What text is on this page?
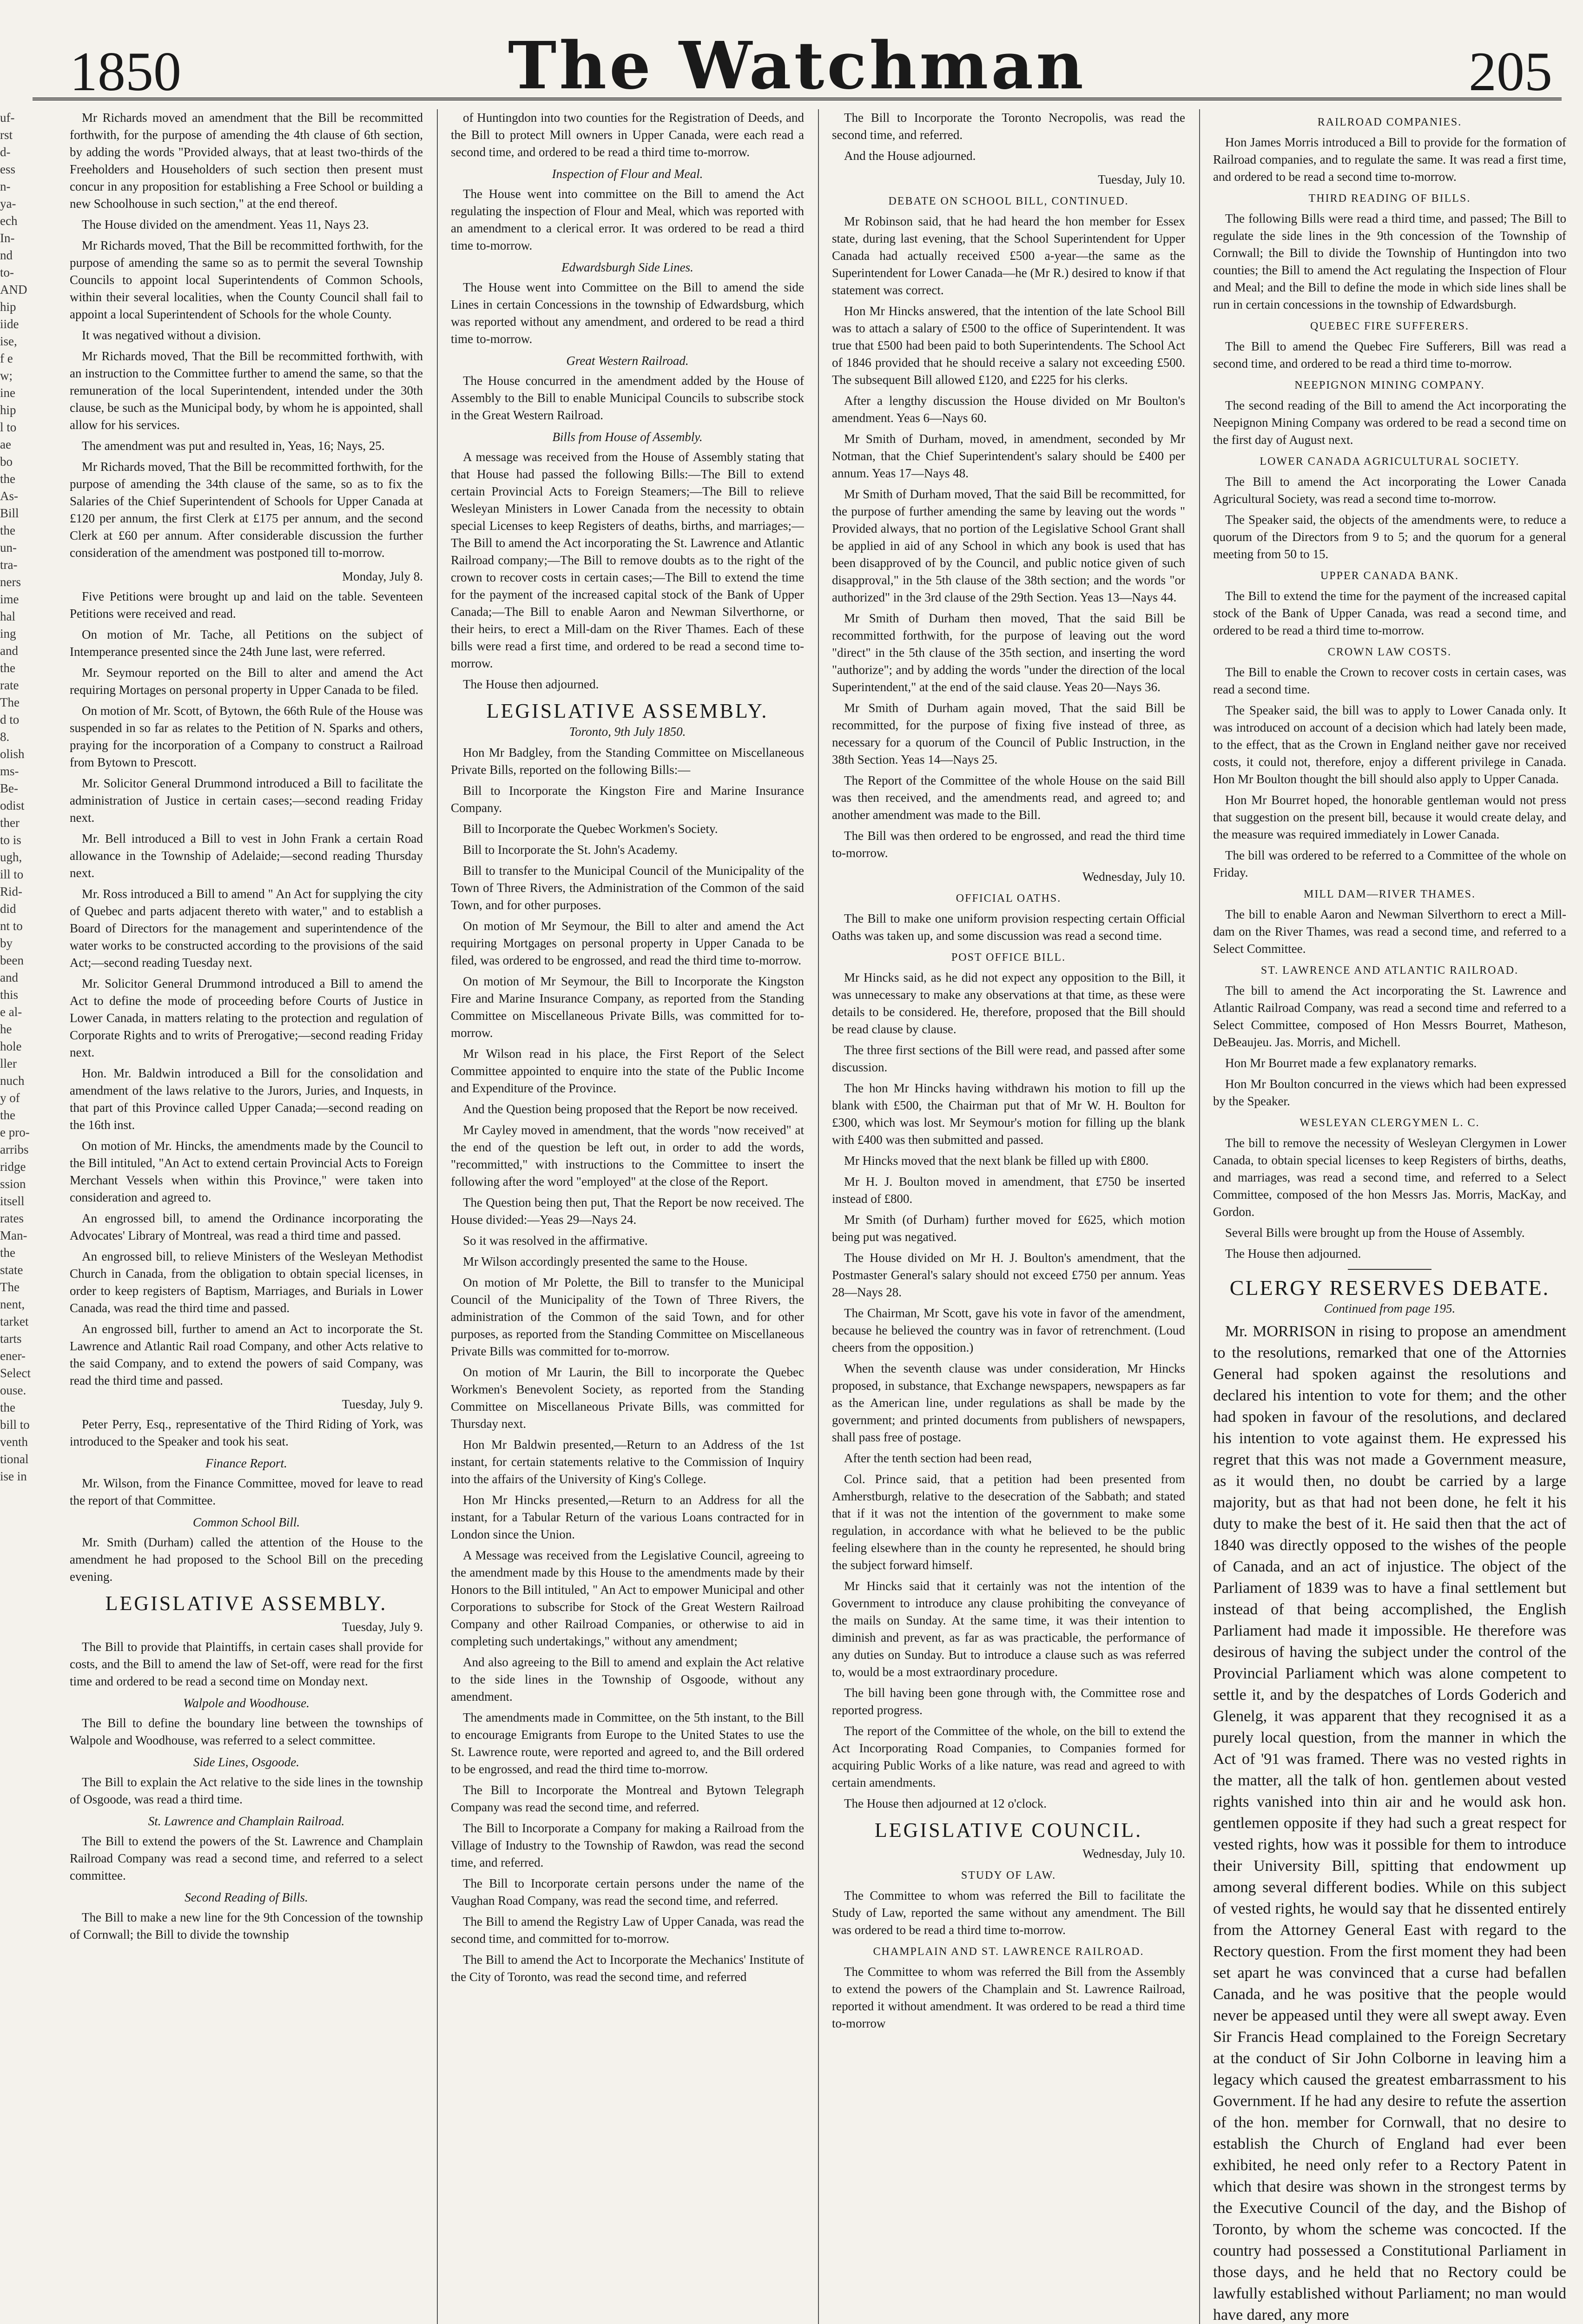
1850	The Watchman	205
uf-
rst
d-
ess
n-
ya-
ech
In-
nd
to-
AND
hip
iide
ise,
f e
w;
ine
hip
l to
ae
bo
the
As-
Bill
the
un-
tra-
ners
ime
hal
ing
and
the
rate
The
d to
8.
olish
ms-
Be-
odist
ther
to is
ugh,
ill to
Rid-
did
nt to
by
been
and
this
e al-
he
hole
ller
nuch
y of
the
e pro-
arribs
ridge
ssion
itsell
rates
Man-
the
state
The
nent,
tarket
tarts
ener-
Select
ouse.
the
bill to
venth
tional
ise in

Mr Richards moved an amendment that the Bill be recommitted forthwith, for the purpose of amending the 4th clause of 6th section, by adding the words "Provided always, that at least two-thirds of the Freeholders and Householders of such section then present must concur in any proposition for establishing a Free School or building a new Schoolhouse in such section," at the end thereof.

The House divided on the amendment. Yeas 11, Nays 23.

Mr Richards moved, That the Bill be recommitted forthwith, for the purpose of amending the same so as to permit the several Township Councils to appoint local Superintendents of Common Schools, within their several localities, when the County Council shall fail to appoint a local Superintendent of Schools for the whole County.

It was negatived without a division.

Mr Richards moved, That the Bill be recommitted forthwith, with an instruction to the Committee further to amend the same, so that the remuneration of the local Superintendent, intended under the 30th clause, be such as the Municipal body, by whom he is appointed, shall allow for his services.

The amendment was put and resulted in, Yeas, 16; Nays, 25.

Mr Richards moved, That the Bill be recommitted forthwith, for the purpose of amending the 34th clause of the same, so as to fix the Salaries of the Chief Superintendent of Schools for Upper Canada at £120 per annum, the first Clerk at £175 per annum, and the second Clerk at £60 per annum. After considerable discussion the further consideration of the amendment was postponed till to-morrow.

Monday, July 8.

Five Petitions were brought up and laid on the table. Seventeen Petitions were received and read.

On motion of Mr. Tache, all Petitions on the subject of Intemperance presented since the 24th June last, were referred.

Mr. Seymour reported on the Bill to alter and amend the Act requiring Mortages on personal property in Upper Canada to be filed.

On motion of Mr. Scott, of Bytown, the 66th Rule of the House was suspended in so far as relates to the Petition of N. Sparks and others, praying for the incorporation of a Company to construct a Railroad from Bytown to Prescott.

Mr. Solicitor General Drummond introduced a Bill to facilitate the administration of Justice in certain cases;—second reading Friday next.

Mr. Bell introduced a Bill to vest in John Frank a certain Road allowance in the Township of Adelaide;—second reading Thursday next.

Mr. Ross introduced a Bill to amend " An Act for supplying the city of Quebec and parts adjacent thereto with water," and to establish a Board of Directors for the management and superintendence of the water works to be constructed according to the provisions of the said Act;—second reading Tuesday next.

Mr. Solicitor General Drummond introduced a Bill to amend the Act to define the mode of proceeding before Courts of Justice in Lower Canada, in matters relating to the protection and regulation of Corporate Rights and to writs of Prerogative;—second reading Friday next.

Hon. Mr. Baldwin introduced a Bill for the consolidation and amendment of the laws relative to the Jurors, Juries, and Inquests, in that part of this Province called Upper Canada;—second reading on the 16th inst.

On motion of Mr. Hincks, the amendments made by the Council to the Bill intituled, "An Act to extend certain Provincial Acts to Foreign Merchant Vessels when within this Province," were taken into consideration and agreed to.

An engrossed bill, to amend the Ordinance incorporating the Advocates' Library of Montreal, was read a third time and passed.

An engrossed bill, to relieve Ministers of the Wesleyan Methodist Church in Canada, from the obligation to obtain special licenses, in order to keep registers of Baptism, Marriages, and Burials in Lower Canada, was read the third time and passed.

An engrossed bill, further to amend an Act to incorporate the St. Lawrence and Atlantic Rail road Company, and other Acts relative to the said Company, and to extend the powers of said Company, was read the third time and passed.

Tuesday, July 9.

Peter Perry, Esq., representative of the Third Riding of York, was introduced to the Speaker and took his seat.

Finance Report.

Mr. Wilson, from the Finance Committee, moved for leave to read the report of that Committee.

Common School Bill.

Mr. Smith (Durham) called the attention of the House to the amendment he had proposed to the School Bill on the preceding evening.

LEGISLATIVE ASSEMBLY.

Tuesday, July 9.

The Bill to provide that Plaintiffs, in certain cases shall provide for costs, and the Bill to amend the law of Set-off, were read for the first time and ordered to be read a second time on Monday next.

Walpole and Woodhouse.

The Bill to define the boundary line between the townships of Walpole and Woodhouse, was referred to a select committee.

Side Lines, Osgoode.

The Bill to explain the Act relative to the side lines in the township of Osgoode, was read a third time.

St. Lawrence and Champlain Railroad.

The Bill to extend the powers of the St. Lawrence and Champlain Railroad Company was read a second time, and referred to a select committee.

Second Reading of Bills.

The Bill to make a new line for the 9th Concession of the township of Cornwall; the Bill to divide the township

of Huntingdon into two counties for the Registration of Deeds, and the Bill to protect Mill owners in Upper Canada, were each read a second time, and ordered to be read a third time to-morrow.

Inspection of Flour and Meal.

The House went into committee on the Bill to amend the Act regulating the inspection of Flour and Meal, which was reported with an amendment to a clerical error. It was ordered to be read a third time to-morrow.

Edwardsburgh Side Lines.

The House went into Committee on the Bill to amend the side Lines in certain Concessions in the township of Edwardsburg, which was reported without any amendment, and ordered to be read a third time to-morrow.

Great Western Railroad.

The House concurred in the amendment added by the House of Assembly to the Bill to enable Municipal Councils to subscribe stock in the Great Western Railroad.

Bills from House of Assembly.

A message was received from the House of Assembly stating that that House had passed the following Bills:—The Bill to extend certain Provincial Acts to Foreign Steamers;—The Bill to relieve Wesleyan Ministers in Lower Canada from the necessity to obtain special Licenses to keep Registers of deaths, births, and marriages;—The Bill to amend the Act incorporating the St. Lawrence and Atlantic Railroad company;—The Bill to remove doubts as to the right of the crown to recover costs in certain cases;—The Bill to extend the time for the payment of the increased capital stock of the Bank of Upper Canada;—The Bill to enable Aaron and Newman Silverthorne, or their heirs, to erect a Mill-dam on the River Thames. Each of these bills were read a first time, and ordered to be read a second time to-morrow.

The House then adjourned.

LEGISLATIVE ASSEMBLY.

Toronto, 9th July 1850.

Hon Mr Badgley, from the Standing Committee on Miscellaneous Private Bills, reported on the following Bills:—

Bill to Incorporate the Kingston Fire and Marine Insurance Company.

Bill to Incorporate the Quebec Workmen's Society.

Bill to Incorporate the St. John's Academy.

Bill to transfer to the Municipal Council of the Municipality of the Town of Three Rivers, the Administration of the Common of the said Town, and for other purposes.

On motion of Mr Seymour, the Bill to alter and amend the Act requiring Mortgages on personal property in Upper Canada to be filed, was ordered to be engrossed, and read the third time to-morrow.

On motion of Mr Seymour, the Bill to Incorporate the Kingston Fire and Marine Insurance Company, as reported from the Standing Committee on Miscellaneous Private Bills, was committed for to-morrow.

Mr Wilson read in his place, the First Report of the Select Committee appointed to enquire into the state of the Public Income and Expenditure of the Province.

And the Question being proposed that the Report be now received.

Mr Cayley moved in amendment, that the words "now received" at the end of the question be left out, in order to add the words, "recommitted," with instructions to the Committee to insert the following after the word "employed" at the close of the Report.

The Question being then put, That the Report be now received. The House divided:—Yeas 29—Nays 24.

So it was resolved in the affirmative.

Mr Wilson accordingly presented the same to the House.

On motion of Mr Polette, the Bill to transfer to the Municipal Council of the Municipality of the Town of Three Rivers, the administration of the Common of the said Town, and for other purposes, as reported from the Standing Committee on Miscellaneous Private Bills was committed for to-morrow.

On motion of Mr Laurin, the Bill to incorporate the Quebec Workmen's Benevolent Society, as reported from the Standing Committee on Miscellaneous Private Bills, was committed for Thursday next.

Hon Mr Baldwin presented,—Return to an Address of the 1st instant, for certain statements relative to the Commission of Inquiry into the affairs of the University of King's College.

Hon Mr Hincks presented,—Return to an Address for all the instant, for a Tabular Return of the various Loans contracted for in London since the Union.

A Message was received from the Legislative Council, agreeing to the amendment made by this House to the amendments made by their Honors to the Bill intituled, " An Act to empower Municipal and other Corporations to subscribe for Stock of the Great Western Railroad Company and other Railroad Companies, or otherwise to aid in completing such undertakings," without any amendment;

And also agreeing to the Bill to amend and explain the Act relative to the side lines in the Township of Osgoode, without any amendment.

The amendments made in Committee, on the 5th instant, to the Bill to encourage Emigrants from Europe to the United States to use the St. Lawrence route, were reported and agreed to, and the Bill ordered to be engrossed, and read the third time to-morrow.

The Bill to Incorporate the Montreal and Bytown Telegraph Company was read the second time, and referred.

The Bill to Incorporate a Company for making a Railroad from the Village of Industry to the Township of Rawdon, was read the second time, and referred.

The Bill to Incorporate certain persons under the name of the Vaughan Road Company, was read the second time, and referred.

The Bill to amend the Registry Law of Upper Canada, was read the second time, and committed for to-morrow.

The Bill to amend the Act to Incorporate the Mechanics' Institute of the City of Toronto, was read the second time, and referred

The Bill to Incorporate the Toronto Necropolis, was read the second time, and referred.

And the House adjourned.

Tuesday, July 10.

DEBATE ON SCHOOL BILL, CONTINUED.

Mr Robinson said, that he had heard the hon member for Essex state, during last evening, that the School Superintendent for Upper Canada had actually received £500 a-year—the same as the Superintendent for Lower Canada—he (Mr R.) desired to know if that statement was correct.

Hon Mr Hincks answered, that the intention of the late School Bill was to attach a salary of £500 to the office of Superintendent. It was true that £500 had been paid to both Superintendents. The School Act of 1846 provided that he should receive a salary not exceeding £500. The subsequent Bill allowed £120, and £225 for his clerks.

After a lengthy discussion the House divided on Mr Boulton's amendment. Yeas 6—Nays 60.

Mr Smith of Durham, moved, in amendment, seconded by Mr Notman, that the Chief Superintendent's salary should be £400 per annum. Yeas 17—Nays 48.

Mr Smith of Durham moved, That the said Bill be recommitted, for the purpose of further amending the same by leaving out the words " Provided always, that no portion of the Legislative School Grant shall be applied in aid of any School in which any book is used that has been disapproved of by the Council, and public notice given of such disapproval," in the 5th clause of the 38th section; and the words "or authorized" in the 3rd clause of the 29th Section. Yeas 13—Nays 44.

Mr Smith of Durham then moved, That the said Bill be recommitted forthwith, for the purpose of leaving out the word "direct" in the 5th clause of the 35th section, and inserting the word "authorize"; and by adding the words "under the direction of the local Superintendent," at the end of the said clause. Yeas 20—Nays 36.

Mr Smith of Durham again moved, That the said Bill be recommitted, for the purpose of fixing five instead of three, as necessary for a quorum of the Council of Public Instruction, in the 38th Section. Yeas 14—Nays 25.

The Report of the Committee of the whole House on the said Bill was then received, and the amendments read, and agreed to; and another amendment was made to the Bill.

The Bill was then ordered to be engrossed, and read the third time to-morrow.

Wednesday, July 10.

OFFICIAL OATHS.

The Bill to make one uniform provision respecting certain Official Oaths was taken up, and some discussion was read a second time.

POST OFFICE BILL.

Mr Hincks said, as he did not expect any opposition to the Bill, it was unnecessary to make any observations at that time, as these were details to be considered. He, therefore, proposed that the Bill should be read clause by clause.

The three first sections of the Bill were read, and passed after some discussion.

The hon Mr Hincks having withdrawn his motion to fill up the blank with £500, the Chairman put that of Mr W. H. Boulton for £300, which was lost. Mr Seymour's motion for filling up the blank with £400 was then submitted and passed.

Mr Hincks moved that the next blank be filled up with £800.

Mr H. J. Boulton moved in amendment, that £750 be inserted instead of £800.

Mr Smith (of Durham) further moved for £625, which motion being put was negatived.

The House divided on Mr H. J. Boulton's amendment, that the Postmaster General's salary should not exceed £750 per annum. Yeas 28—Nays 28.

The Chairman, Mr Scott, gave his vote in favor of the amendment, because he believed the country was in favor of retrenchment. (Loud cheers from the opposition.)

When the seventh clause was under consideration, Mr Hincks proposed, in substance, that Exchange newspapers, newspapers as far as the American line, under regulations as shall be made by the government; and printed documents from publishers of newspapers, shall pass free of postage.

After the tenth section had been read,

Col. Prince said, that a petition had been presented from Amherstburgh, relative to the desecration of the Sabbath; and stated that if it was not the intention of the government to make some regulation, in accordance with what he believed to be the public feeling elsewhere than in the county he represented, he should bring the subject forward himself.

Mr Hincks said that it certainly was not the intention of the Government to introduce any clause prohibiting the conveyance of the mails on Sunday. At the same time, it was their intention to diminish and prevent, as far as was practicable, the performance of any duties on Sunday. But to introduce a clause such as was referred to, would be a most extraordinary procedure.

The bill having been gone through with, the Committee rose and reported progress.

The report of the Committee of the whole, on the bill to extend the Act Incorporating Road Companies, to Companies formed for acquiring Public Works of a like nature, was read and agreed to with certain amendments.

The House then adjourned at 12 o'clock.

LEGISLATIVE COUNCIL.

Wednesday, July 10.

STUDY OF LAW.

The Committee to whom was referred the Bill to facilitate the Study of Law, reported the same without any amendment. The Bill was ordered to be read a third time to-morrow.

CHAMPLAIN AND ST. LAWRENCE RAILROAD.

The Committee to whom was referred the Bill from the Assembly to extend the powers of the Champlain and St. Lawrence Railroad, reported it without amendment. It was ordered to be read a third time to-morrow

RAILROAD COMPANIES.

Hon James Morris introduced a Bill to provide for the formation of Railroad companies, and to regulate the same. It was read a first time, and ordered to be read a second time to-morrow.

THIRD READING OF BILLS.

The following Bills were read a third time, and passed; The Bill to regulate the side lines in the 9th concession of the Township of Cornwall; the Bill to divide the Township of Huntingdon into two counties; the Bill to amend the Act regulating the Inspection of Flour and Meal; and the Bill to define the mode in which side lines shall be run in certain concessions in the township of Edwardsburgh.

QUEBEC FIRE SUFFERERS.

The Bill to amend the Quebec Fire Sufferers, Bill was read a second time, and ordered to be read a third time to-morrow.

NEEPIGNON MINING COMPANY.

The second reading of the Bill to amend the Act incorporating the Neepignon Mining Company was ordered to be read a second time on the first day of August next.

LOWER CANADA AGRICULTURAL SOCIETY.

The Bill to amend the Act incorporating the Lower Canada Agricultural Society, was read a second time to-morrow.

The Speaker said, the objects of the amendments were, to reduce a quorum of the Directors from 9 to 5; and the quorum for a general meeting from 50 to 15.

UPPER CANADA BANK.

The Bill to extend the time for the payment of the increased capital stock of the Bank of Upper Canada, was read a second time, and ordered to be read a third time to-morrow.

CROWN LAW COSTS.

The Bill to enable the Crown to recover costs in certain cases, was read a second time.

The Speaker said, the bill was to apply to Lower Canada only. It was introduced on account of a decision which had lately been made, to the effect, that as the Crown in England neither gave nor received costs, it could not, therefore, enjoy a different privilege in Canada. Hon Mr Boulton thought the bill should also apply to Upper Canada.

Hon Mr Bourret hoped, the honorable gentleman would not press that suggestion on the present bill, because it would create delay, and the measure was required immediately in Lower Canada.

The bill was ordered to be referred to a Committee of the whole on Friday.

MILL DAM—RIVER THAMES.

The bill to enable Aaron and Newman Silverthorn to erect a Mill-dam on the River Thames, was read a second time, and referred to a Select Committee.

ST. LAWRENCE AND ATLANTIC RAILROAD.

The bill to amend the Act incorporating the St. Lawrence and Atlantic Railroad Company, was read a second time and referred to a Select Committee, composed of Hon Messrs Bourret, Matheson, DeBeaujeu. Jas. Morris, and Michell.

Hon Mr Bourret made a few explanatory remarks.

Hon Mr Boulton concurred in the views which had been expressed by the Speaker.

WESLEYAN CLERGYMEN L. C.

The bill to remove the necessity of Wesleyan Clergymen in Lower Canada, to obtain special licenses to keep Registers of births, deaths, and marriages, was read a second time, and referred to a Select Committee, composed of the hon Messrs Jas. Morris, MacKay, and Gordon.

Several Bills were brought up from the House of Assembly.

The House then adjourned.

CLERGY RESERVES DEBATE.

Continued from page 195.

Mr. MORRISON in rising to propose an amendment to the resolutions, remarked that one of the Attornies General had spoken against the resolutions and declared his intention to vote for them; and the other had spoken in favour of the resolutions, and declared his intention to vote against them. He expressed his regret that this was not made a Government measure, as it would then, no doubt be carried by a large majority, but as that had not been done, he felt it his duty to make the best of it. He said then that the act of 1840 was directly opposed to the wishes of the people of Canada, and an act of injustice. The object of the Parliament of 1839 was to have a final settlement but instead of that being accomplished, the English Parliament had made it impossible. He therefore was desirous of having the subject under the control of the Provincial Parliament which was alone competent to settle it, and by the despatches of Lords Goderich and Glenelg, it was apparent that they recognised it as a purely local question, from the manner in which the Act of '91 was framed. There was no vested rights in the matter, all the talk of hon. gentlemen about vested rights vanished into thin air and he would ask hon. gentlemen opposite if they had such a great respect for vested rights, how was it possible for them to introduce their University Bill, spitting that endowment up among several different bodies. While on this subject of vested rights, he would say that he dissented entirely from the Attorney General East with regard to the Rectory question. From the first moment they had been set apart he was convinced that a curse had befallen Canada, and he was positive that the people would never be appeased until they were all swept away. Even Sir Francis Head complained to the Foreign Secretary at the conduct of Sir John Colborne in leaving him a legacy which caused the greatest embarrassment to his Government. If he had any desire to refute the assertion of the hon. member for Cornwall, that no desire to establish the Church of England had ever been exhibited, he need only refer to a Rectory Patent in which that desire was shown in the strongest terms by the Executive Council of the day, and the Bishop of Toronto, by whom the scheme was concocted. If the country had possessed a Constitutional Parliament in those days, and he held that no Rectory could be lawfully established without Parliament; no man would have dared, any more
